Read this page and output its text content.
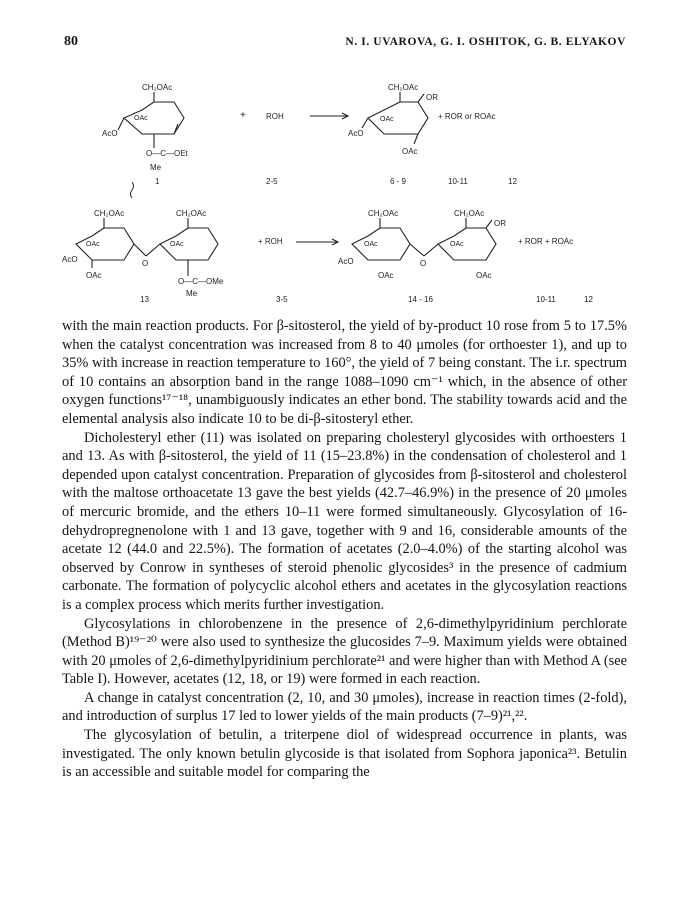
80	N. I. UVAROVA, G. I. OSHITOK, G. B. ELYAKOV
CH₂OAc
OAc
AcO
O—C—OEt
Me
1
+	ROH
2-5
CH₂OAc
OR
OAc
AcO
OAc
6 - 9
+ ROR or ROAc
10-11	12
CH₂OAc	CH₂OAc
OAc	OAc
AcO	O
OAc
O—C—OMe
Me
13
+ ROH
3-5
CH₂OAc	CH₂OAc
OR
OAc	OAc
AcO	O
OAc	OAc
14 - 16
+ ROR + ROAc
10-11	12

with the main reaction products. For β-sitosterol, the yield of by-product 10 rose from 5 to 17.5% when the catalyst concentration was increased from 8 to 40 μmoles (for orthoester 1), and up to 35% with increase in reaction temperature to 160°, the yield of 7 being constant. The i.r. spectrum of 10 contains an absorption band in the range 1088–1090 cm⁻¹ which, in the absence of other oxygen functions¹⁷⁻¹⁸, unambiguously indicates an ether bond. The stability towards acid and the elemental analysis also indicate 10 to be di-β-sitosteryl ether.

Dicholesteryl ether (11) was isolated on preparing cholesteryl glycosides with orthoesters 1 and 13. As with β-sitosterol, the yield of 11 (15–23.8%) in the condensation of cholesterol and 1 depended upon catalyst concentration. Preparation of glycosides from β-sitosterol and cholesterol with the maltose orthoacetate 13 gave the best yields (42.7–46.9%) in the presence of 20 μmoles of mercuric bromide, and the ethers 10–11 were formed simultaneously. Glycosylation of 16-dehydropregnenolone with 1 and 13 gave, together with 9 and 16, considerable amounts of the acetate 12 (44.0 and 22.5%). The formation of acetates (2.0–4.0%) of the starting alcohol was observed by Conrow in syntheses of steroid phenolic glycosides³ in the presence of cadmium carbonate. The formation of polycyclic alcohol ethers and acetates in the glycosylation reactions is a complex process which merits further investigation.

Glycosylations in chlorobenzene in the presence of 2,6-dimethylpyridinium perchlorate (Method B)¹⁹⁻²⁰ were also used to synthesize the glucosides 7–9. Maximum yields were obtained with 20 μmoles of 2,6-dimethylpyridinium perchlorate²¹ and were higher than with Method A (see Table I). However, acetates (12, 18, or 19) were formed in each reaction.

A change in catalyst concentration (2, 10, and 30 μmoles), increase in reaction times (2-fold), and introduction of surplus 17 led to lower yields of the main products (7–9)²¹,²².

The glycosylation of betulin, a triterpene diol of widespread occurrence in plants, was investigated. The only known betulin glycoside is that isolated from Sophora japonica²³. Betulin is an accessible and suitable model for comparing the
